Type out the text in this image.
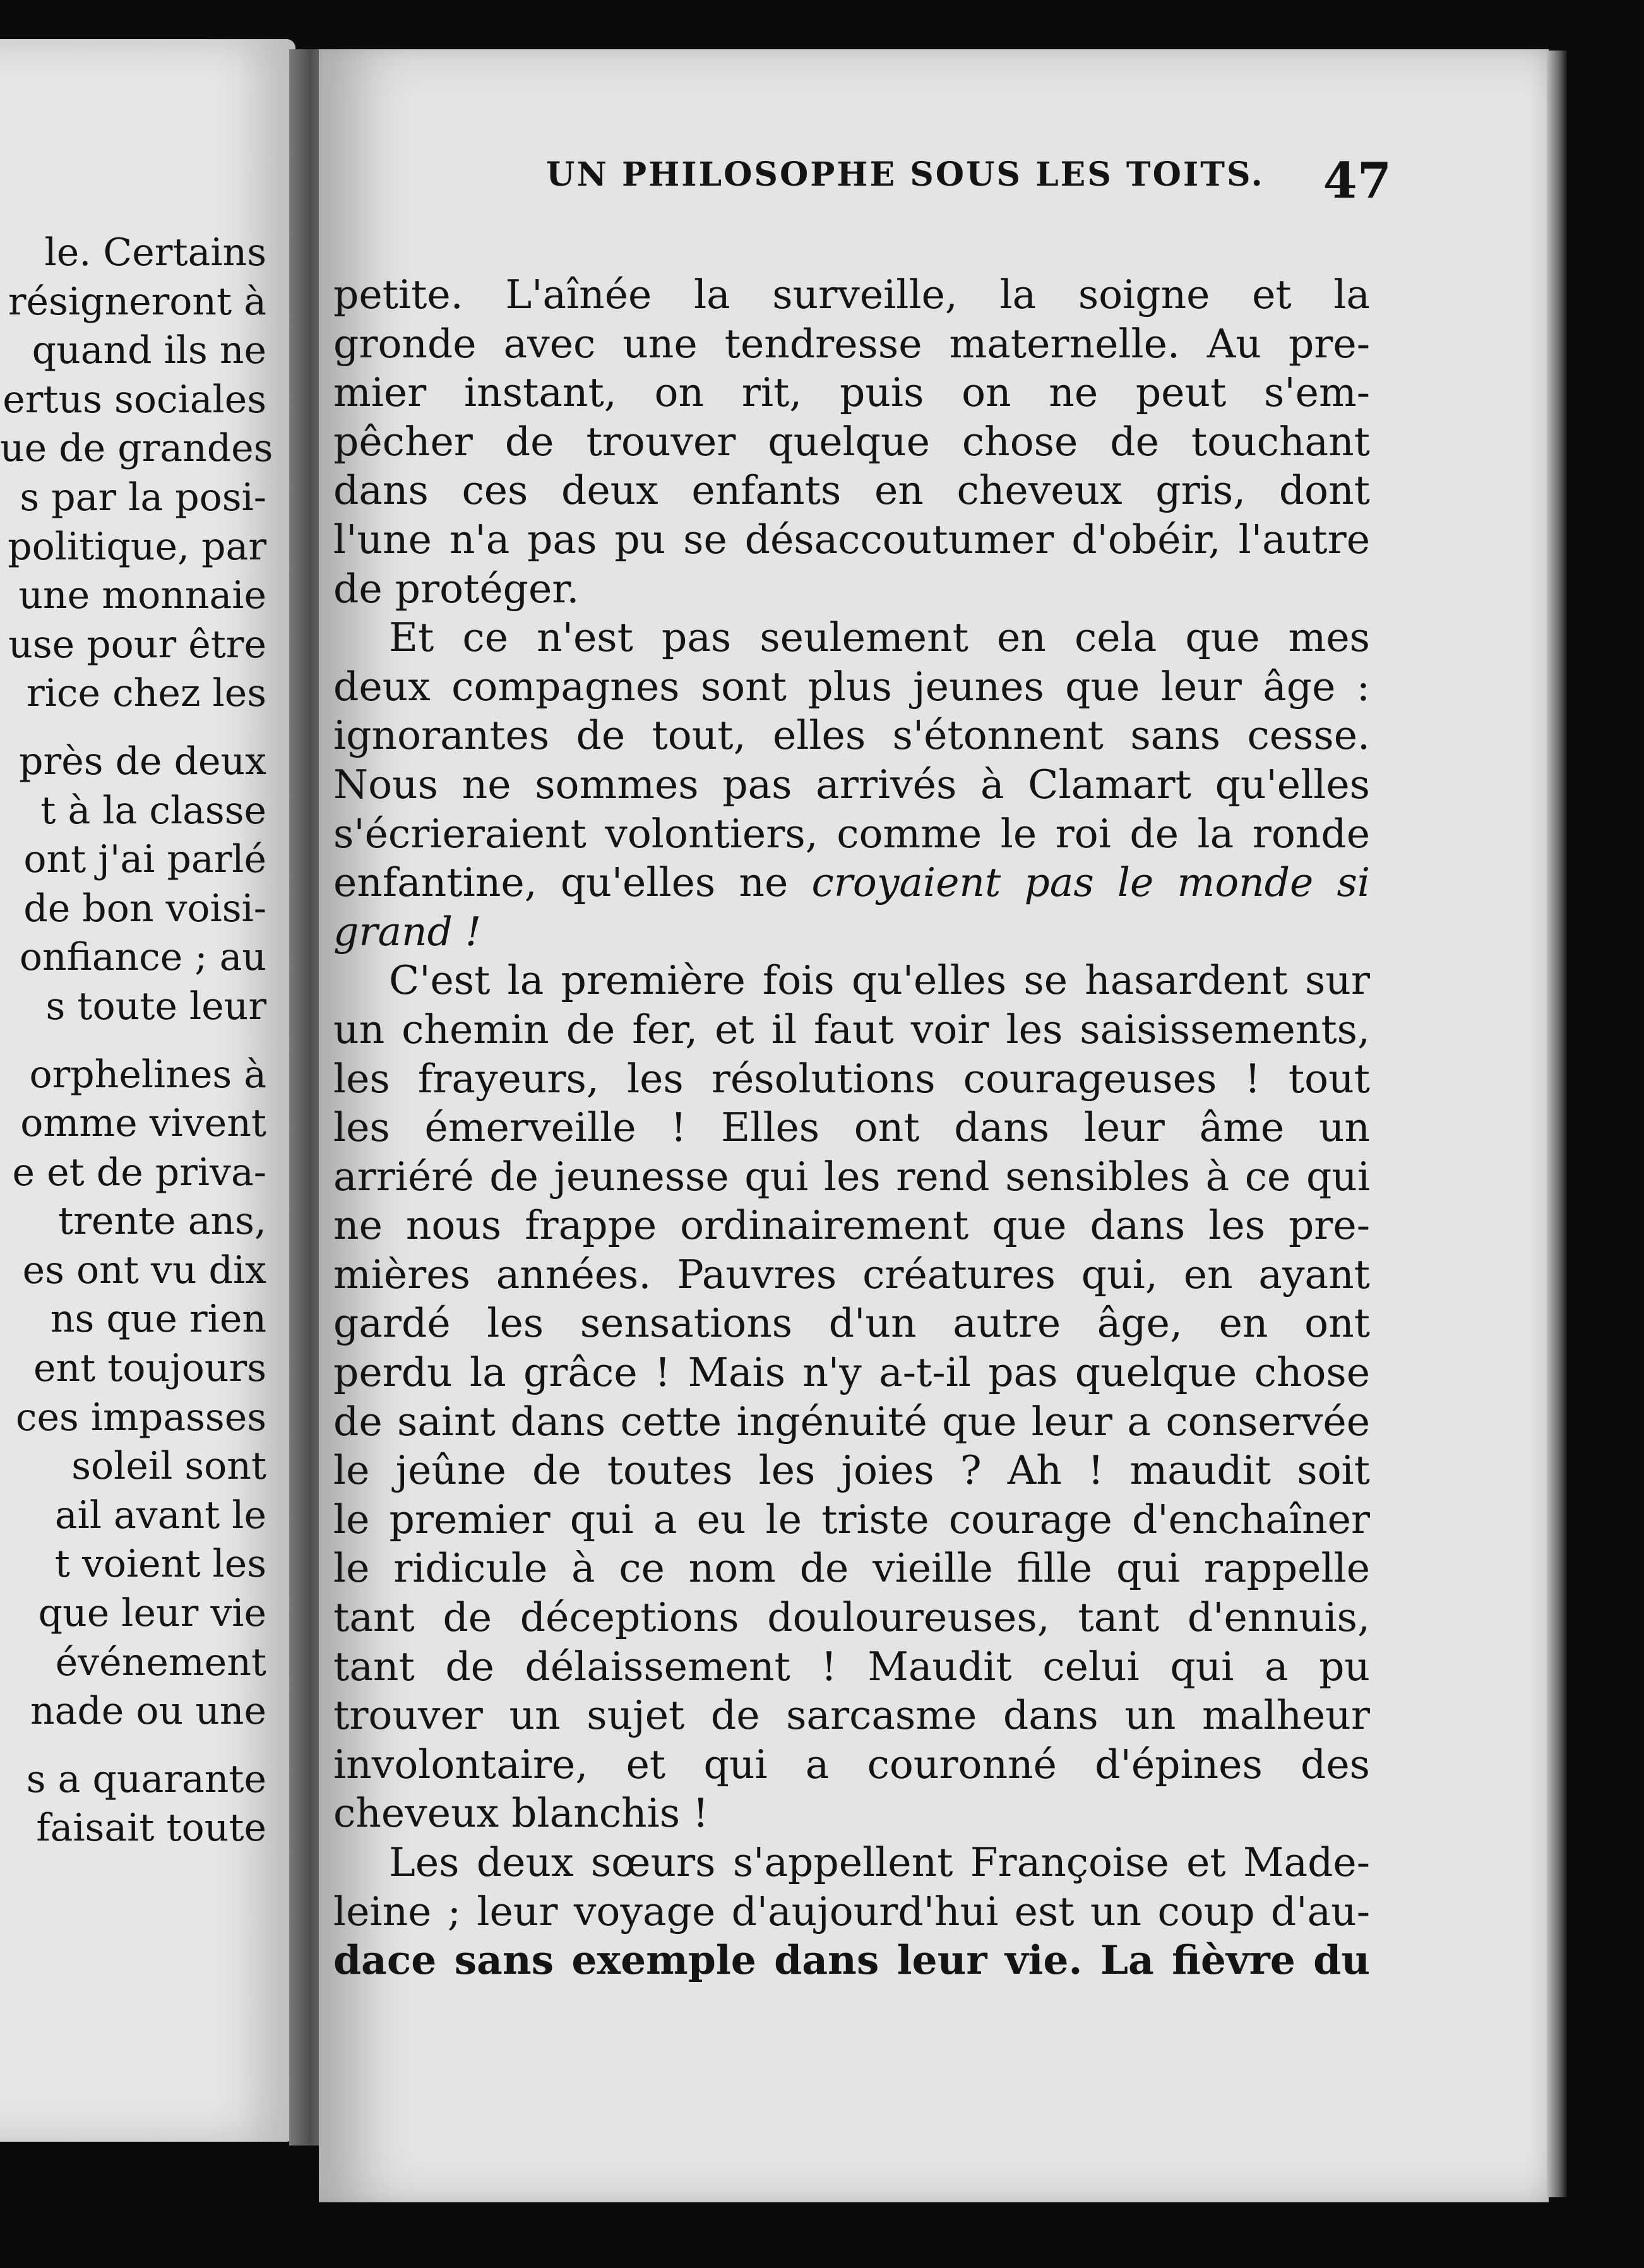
le. Certains
résigneront à
quand ils ne
ertus sociales
ue de grandes
s par la posi-
politique, par
une monnaie
use pour être
rice chez les
près de deux
t à la classe
ont j'ai parlé
de bon voisi-
onfiance ; au
s toute leur
orphelines à
omme vivent
e et de priva-
trente ans,
es ont vu dix
ns que rien
ent toujours
ces impasses
soleil sont
ail avant le
t voient les
que leur vie
événement
nade ou une
s a quarante
faisait toute
UN PHILOSOPHE SOUS LES TOITS. 47
petite. L'aînée la surveille, la soigne et la
gronde avec une tendresse maternelle. Au pre-
mier instant, on rit, puis on ne peut s'em-
pêcher de trouver quelque chose de touchant
dans ces deux enfants en cheveux gris, dont
l'une n'a pas pu se désaccoutumer d'obéir, l'autre
de protéger.
Et ce n'est pas seulement en cela que mes
deux compagnes sont plus jeunes que leur âge :
ignorantes de tout, elles s'étonnent sans cesse.
Nous ne sommes pas arrivés à Clamart qu'elles
s'écrieraient volontiers, comme le roi de la ronde
enfantine, qu'elles ne croyaient pas le monde si
grand !
C'est la première fois qu'elles se hasardent sur
un chemin de fer, et il faut voir les saisissements,
les frayeurs, les résolutions courageuses ! tout
les émerveille ! Elles ont dans leur âme un
arriéré de jeunesse qui les rend sensibles à ce qui
ne nous frappe ordinairement que dans les pre-
mières années. Pauvres créatures qui, en ayant
gardé les sensations d'un autre âge, en ont
perdu la grâce ! Mais n'y a-t-il pas quelque chose
de saint dans cette ingénuité que leur a conservée
le jeûne de toutes les joies ? Ah ! maudit soit
le premier qui a eu le triste courage d'enchaîner
le ridicule à ce nom de vieille fille qui rappelle
tant de déceptions douloureuses, tant d'ennuis,
tant de délaissement ! Maudit celui qui a pu
trouver un sujet de sarcasme dans un malheur
involontaire, et qui a couronné d'épines des
cheveux blanchis !
Les deux sœurs s'appellent Françoise et Made-
leine ; leur voyage d'aujourd'hui est un coup d'au-
dace sans exemple dans leur vie. La fièvre du
